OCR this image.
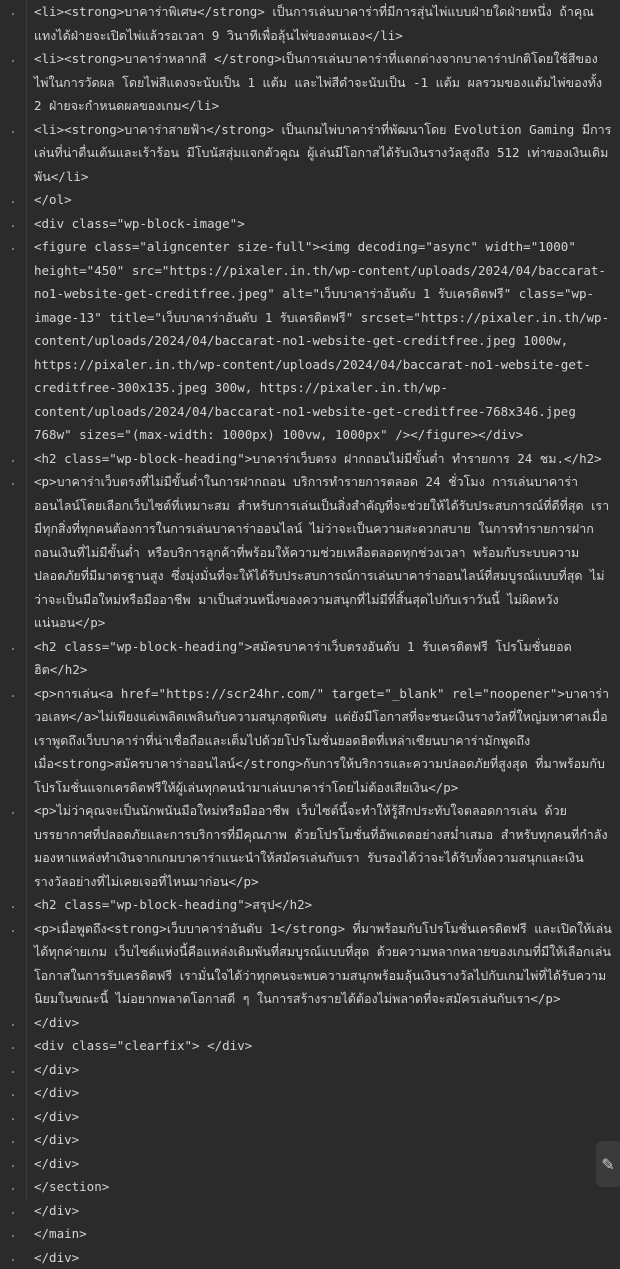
.	<li><strong>บาคาร่าพิเศษ</strong> เป็นการเล่นบาคาร่าที่มีการสุ่นไพ่แบบฝ่ายใดฝ่ายหนึ่ง ถ้าคุณแทงได้ฝ่ายจะเปิดไพ่แล้วรอเวลา 9 วินาทีเพื่อลุ้นไพ่ของตนเอง</li>
.	<li><strong>บาคาร่าหลากสี </strong>เป็นการเล่นบาคาร่าที่แตกต่างจากบาคาร่าปกติโดยใช้สีของไพ่ในการวัดผล โดยไพ่สีแดงจะนับเป็น 1 แต้ม และไพ่สีดำจะนับเป็น -1 แต้ม ผลรวมของแต้มไพ่ของทั้ง 2 ฝ่ายจะกำหนดผลของเกม</li>
.	<li><strong>บาคาร่าสายฟ้า</strong> เป็นเกมไพ่บาคาร่าที่พัฒนาโดย Evolution Gaming มีการเล่นที่น่าตื่นเต้นและเร้าร้อน มีโบนัสสุ่มแจกตัวคูณ ผู้เล่นมีโอกาสได้รับเงินรางวัลสูงถึง 512 เท่าของเงินเดิมพัน</li>
.	</ol>
.	<div class="wp-block-image">
.	<figure class="aligncenter size-full"><img decoding="async" width="1000" height="450" src="https://pixaler.in.th/wp-content/uploads/2024/04/baccarat-no1-website-get-creditfree.jpeg" alt="เว็บบาคาร่าอันดับ 1 รับเครดิตฟรี" class="wp-image-13" title="เว็บบาคาร่าอันดับ 1 รับเครดิตฟรี" srcset="https://pixaler.in.th/wp-content/uploads/2024/04/baccarat-no1-website-get-creditfree.jpeg 1000w, https://pixaler.in.th/wp-content/uploads/2024/04/baccarat-no1-website-get-creditfree-300x135.jpeg 300w, https://pixaler.in.th/wp-content/uploads/2024/04/baccarat-no1-website-get-creditfree-768x346.jpeg 768w" sizes="(max-width: 1000px) 100vw, 1000px" /></figure></div>
.	<h2 class="wp-block-heading">บาคาร่าเว็บตรง ฝากถอนไม่มีขั้นต่ำ ทำรายการ 24 ชม.</h2>
.	<p>บาคาร่าเว็บตรงที่ไม่มีขั้นต่ำในการฝากถอน บริการทำรายการตลอด 24 ชั่วโมง การเล่นบาคาร่าออนไลน์โดยเลือกเว็บไซต์ที่เหมาะสม สำหรับการเล่นเป็นสิ่งสำคัญที่จะช่วยให้ได้รับประสบการณ์ที่ดีที่สุด เรามีทุกสิ่งที่ทุกคนต้องการในการเล่นบาคาร่าออนไลน์ ไม่ว่าจะเป็นความสะดวกสบาย ในการทำรายการฝากถอนเงินที่ไม่มีขั้นต่ำ หรือบริการลูกค้าที่พร้อมให้ความช่วยเหลือตลอดทุกช่วงเวลา พร้อมกับระบบความปลอดภัยที่มีมาตรฐานสูง ซึ่งมุ่งมั่นที่จะให้ได้รับประสบการณ์การเล่นบาคาร่าออนไลน์ที่สมบูรณ์แบบที่สุด ไม่ว่าจะเป็นมือใหม่หรือมืออาชีพ มาเป็นส่วนหนึ่งของความสนุกที่ไม่มีที่สิ้นสุดไปกับเราวันนี้ ไม่ผิดหวังแน่นอน</p>
.	<h2 class="wp-block-heading">สมัครบาคาร่าเว็บตรงอันดับ 1 รับเครดิตฟรี โปรโมชั่นยอดฮิต</h2>
.	<p>การเล่น<a href="https://scr24hr.com/" target="_blank" rel="noopener">บาคาร่าวอเลท</a>ไม่เพียงแค่เพลิดเพลินกับความสนุกสุดพิเศษ แต่ยังมีโอกาสที่จะชนะเงินรางวัลที่ใหญ่มหาศาลเมื่อเราพูดถึงเว็บบาคาร่าที่น่าเชื่อถือและเต็มไปด้วยโปรโมชั่นยอดฮิตที่เหล่าเซียนบาคาร่ามักพูดถึง เมื่อ<strong>สมัครบาคาร่าออนไลน์</strong>กับการให้บริการและความปลอดภัยที่สูงสุด ที่มาพร้อมกับโปรโมชั่นแจกเครดิตฟรีให้ผู้เล่นทุกคนนำมาเล่นบาคาร่าโดยไม่ต้องเสียเงิน</p>
.	<p>ไม่ว่าคุณจะเป็นนักพนันมือใหม่หรือมืออาชีพ เว็บไซต์นี้จะทำให้รู้สึกประทับใจตลอดการเล่น ด้วยบรรยากาศที่ปลอดภัยและการบริการที่มีคุณภาพ ด้วยโปรโมชั่นที่อัพเดตอย่างสม่ำเสมอ สำหรับทุกคนที่กำลังมองหาแหล่งทำเงินจากเกมบาคาร่าแนะนำให้สมัครเล่นกับเรา รับรองได้ว่าจะได้รับทั้งความสนุกและเงินรางวัลอย่างที่ไม่เคยเจอที่ไหนมาก่อน</p>
.	<h2 class="wp-block-heading">สรุป</h2>
.	<p>เมื่อพูดถึง<strong>เว็บบาคาร่าอันดับ 1</strong> ที่มาพร้อมกับโปรโมชั่นเครดิตฟรี และเปิดให้เล่นได้ทุกค่ายเกม เว็บไซต์แห่งนี้คือแหล่งเดิมพันที่สมบูรณ์แบบที่สุด ด้วยความหลากหลายของเกมที่มีให้เลือกเล่น โอกาสในการรับเครดิตฟรี เรามั่นใจได้ว่าทุกคนจะพบความสนุกพร้อมลุ้นเงินรางวัลไปกับเกมไพ่ที่ได้รับความนิยมในขณะนี้ ไม่อยากพลาดโอกาสดี ๆ ในการสร้างรายได้ต้องไม่พลาดที่จะสมัครเล่นกับเรา</p>
.	</div>
.	<div class="clearfix"> </div>
.	</div>
.	</div>
.	</div>
.	</div>
.	</div>
.	</section>
.	</div>
.	</main>
.	</div>
✎
